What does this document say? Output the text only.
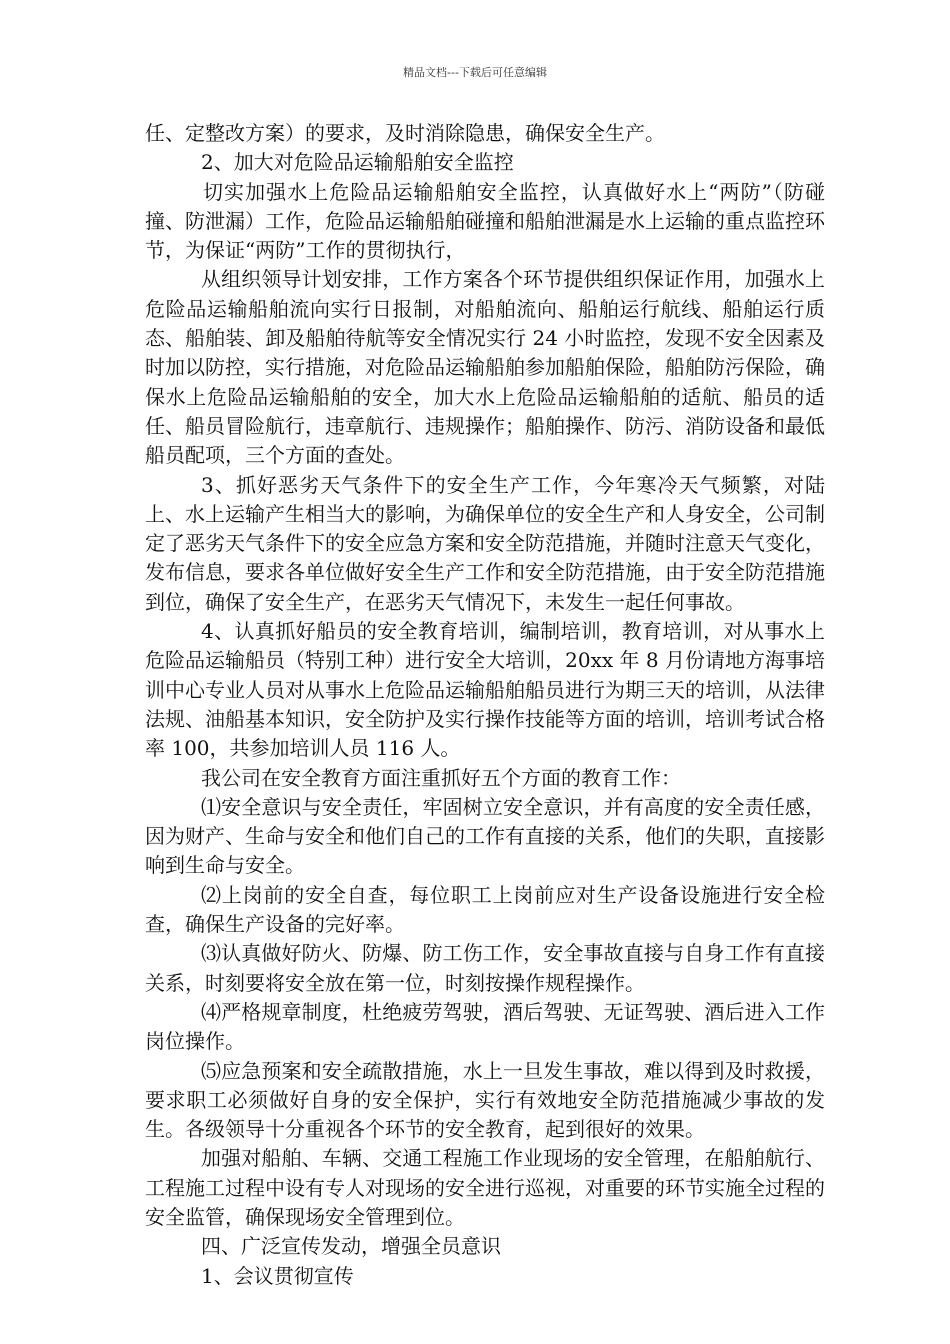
精品文档---下载后可任意编辑

任、定整改方案）的要求，及时消除隐患，确保安全生产。

2、加大对危险品运输船舶安全监控

切实加强水上危险品运输船舶安全监控，认真做好水上“两防”（防碰撞、防泄漏）工作，危险品运输船舶碰撞和船舶泄漏是水上运输的重点监控环节，为保证“两防”工作的贯彻执行，

从组织领导计划安排，工作方案各个环节提供组织保证作用，加强水上危险品运输船舶流向实行日报制，对船舶流向、船舶运行航线、船舶运行质态、船舶装、卸及船舶待航等安全情况实行 24 小时监控，发现不安全因素及时加以防控，实行措施，对危险品运输船舶参加船舶保险，船舶防污保险，确保水上危险品运输船舶的安全，加大水上危险品运输船舶的适航、船员的适任、船员冒险航行，违章航行、违规操作；船舶操作、防污、消防设备和最低船员配项，三个方面的查处。

3、抓好恶劣天气条件下的安全生产工作，今年寒冷天气频繁，对陆上、水上运输产生相当大的影响，为确保单位的安全生产和人身安全，公司制定了恶劣天气条件下的安全应急方案和安全防范措施，并随时注意天气变化，发布信息，要求各单位做好安全生产工作和安全防范措施，由于安全防范措施到位，确保了安全生产，在恶劣天气情况下，未发生一起任何事故。

4、认真抓好船员的安全教育培训，编制培训，教育培训，对从事水上危险品运输船员（特别工种）进行安全大培训，20xx 年 8 月份请地方海事培训中心专业人员对从事水上危险品运输船舶船员进行为期三天的培训，从法律法规、油船基本知识，安全防护及实行操作技能等方面的培训，培训考试合格率 100，共参加培训人员 116 人。

我公司在安全教育方面注重抓好五个方面的教育工作：

⑴安全意识与安全责任，牢固树立安全意识，并有高度的安全责任感，因为财产、生命与安全和他们自己的工作有直接的关系，他们的失职，直接影响到生命与安全。

⑵上岗前的安全自查，每位职工上岗前应对生产设备设施进行安全检查，确保生产设备的完好率。

⑶认真做好防火、防爆、防工伤工作，安全事故直接与自身工作有直接关系，时刻要将安全放在第一位，时刻按操作规程操作。

⑷严格规章制度，杜绝疲劳驾驶，酒后驾驶、无证驾驶、酒后进入工作岗位操作。

⑸应急预案和安全疏散措施，水上一旦发生事故，难以得到及时救援，要求职工必须做好自身的安全保护，实行有效地安全防范措施减少事故的发生。各级领导十分重视各个环节的安全教育，起到很好的效果。

加强对船舶、车辆、交通工程施工作业现场的安全管理，在船舶航行、工程施工过程中设有专人对现场的安全进行巡视，对重要的环节实施全过程的安全监管，确保现场安全管理到位。

四、广泛宣传发动，增强全员意识

1、会议贯彻宣传
